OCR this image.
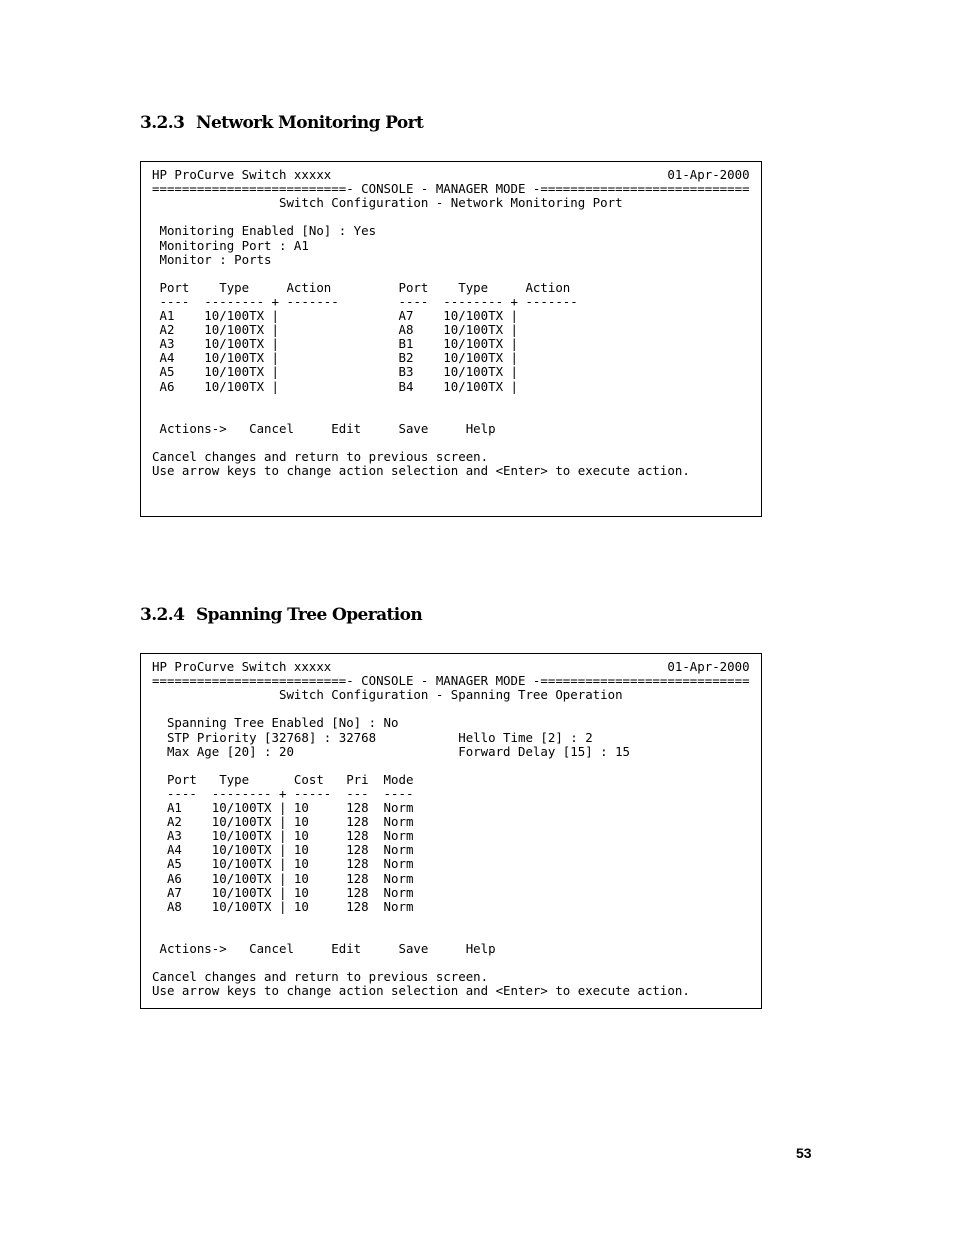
3.2.3 Network Monitoring Port
HP ProCurve Switch xxxxx                                             01-Apr-2000
==========================- CONSOLE - MANAGER MODE -============================
Switch Configuration - Network Monitoring Port
Monitoring Enabled [No] : Yes
Monitoring Port : A1
Monitor : Ports
Port    Type     Action         Port    Type     Action
----  -------- + -------        ----  -------- + -------
A1    10/100TX |                A7    10/100TX |
A2    10/100TX |                A8    10/100TX |
A3    10/100TX |                B1    10/100TX |
A4    10/100TX |                B2    10/100TX |
A5    10/100TX |                B3    10/100TX |
A6    10/100TX |                B4    10/100TX |
Actions->   Cancel     Edit     Save     Help
Cancel changes and return to previous screen.
Use arrow keys to change action selection and <Enter> to execute action.
3.2.4 Spanning Tree Operation
HP ProCurve Switch xxxxx                                             01-Apr-2000
==========================- CONSOLE - MANAGER MODE -============================
Switch Configuration - Spanning Tree Operation
Spanning Tree Enabled [No] : No
STP Priority [32768] : 32768           Hello Time [2] : 2
Max Age [20] : 20                      Forward Delay [15] : 15
Port   Type      Cost   Pri  Mode
----  -------- + -----  ---  ----
A1    10/100TX | 10     128  Norm
A2    10/100TX | 10     128  Norm
A3    10/100TX | 10     128  Norm
A4    10/100TX | 10     128  Norm
A5    10/100TX | 10     128  Norm
A6    10/100TX | 10     128  Norm
A7    10/100TX | 10     128  Norm
A8    10/100TX | 10     128  Norm
Actions->   Cancel     Edit     Save     Help
Cancel changes and return to previous screen.
Use arrow keys to change action selection and <Enter> to execute action.
53
